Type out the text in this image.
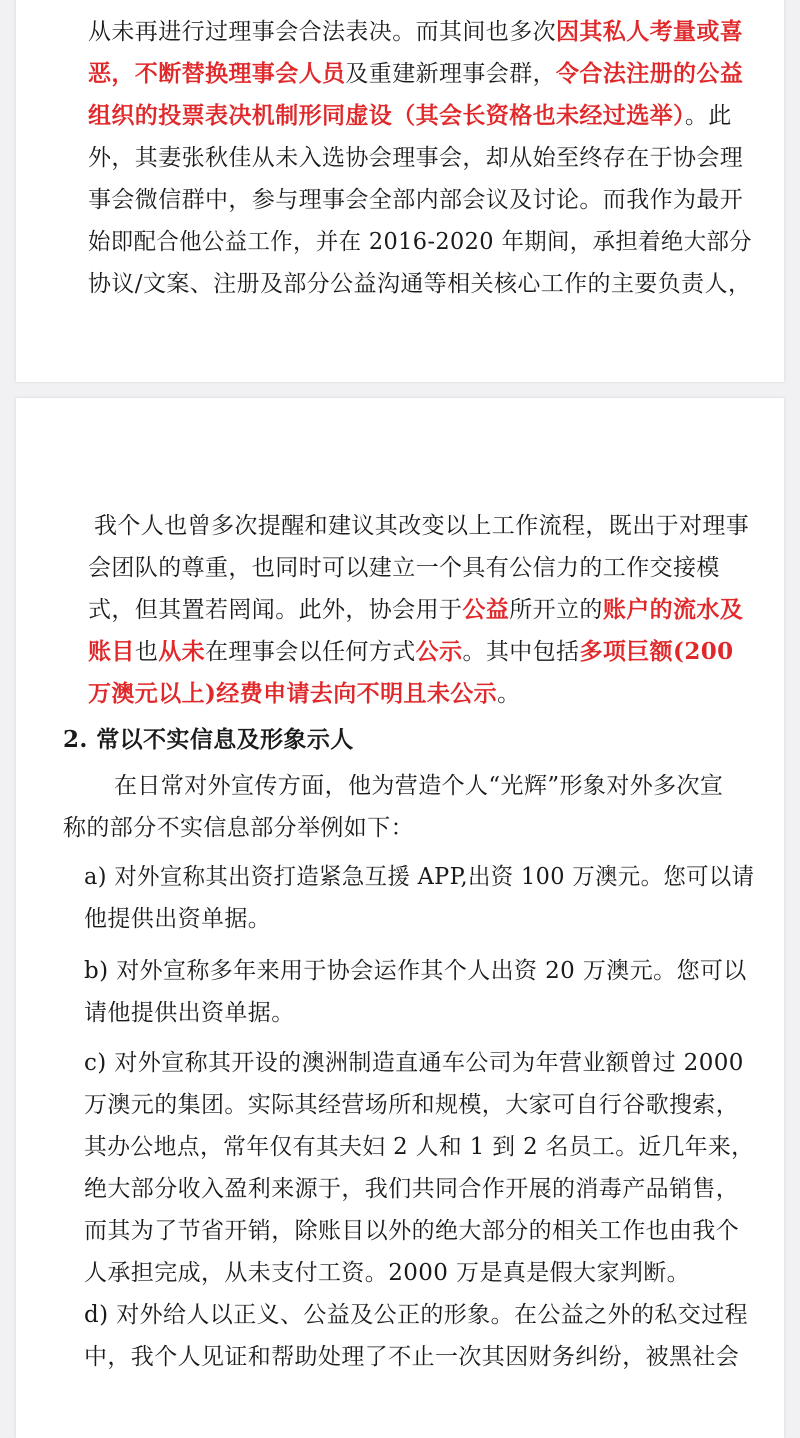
从未再进行过理事会合法表决。而其间也多次因其私人考量或喜

恶，不断替换理事会人员及重建新理事会群，令合法注册的公益

组织的投票表决机制形同虚设（其会长资格也未经过选举）。此

外，其妻张秋佳从未入选协会理事会，却从始至终存在于协会理

事会微信群中，参与理事会全部内部会议及讨论。而我作为最开

始即配合他公益工作，并在 2016-2020 年期间，承担着绝大部分

协议/文案、注册及部分公益沟通等相关核心工作的主要负责人，

我个人也曾多次提醒和建议其改变以上工作流程，既出于对理事

会团队的尊重，也同时可以建立一个具有公信力的工作交接模

式，但其置若罔闻。此外，协会用于公益所开立的账户的流水及

账目也从未在理事会以任何方式公示。其中包括多项巨额(200

万澳元以上)经费申请去向不明且未公示。

2. 常以不实信息及形象示人

在日常对外宣传方面，他为营造个人“光辉”形象对外多次宣

称的部分不实信息部分举例如下：

a) 对外宣称其出资打造紧急互援 APP,出资 100 万澳元。您可以请

他提供出资单据。

b) 对外宣称多年来用于协会运作其个人出资 20 万澳元。您可以

请他提供出资单据。

c) 对外宣称其开设的澳洲制造直通车公司为年营业额曾过 2000

万澳元的集团。实际其经营场所和规模，大家可自行谷歌搜索，

其办公地点，常年仅有其夫妇 2 人和 1 到 2 名员工。近几年来，

绝大部分收入盈利来源于，我们共同合作开展的消毒产品销售，

而其为了节省开销，除账目以外的绝大部分的相关工作也由我个

人承担完成，从未支付工资。2000 万是真是假大家判断。

d) 对外给人以正义、公益及公正的形象。在公益之外的私交过程

中，我个人见证和帮助处理了不止一次其因财务纠纷，被黑社会
